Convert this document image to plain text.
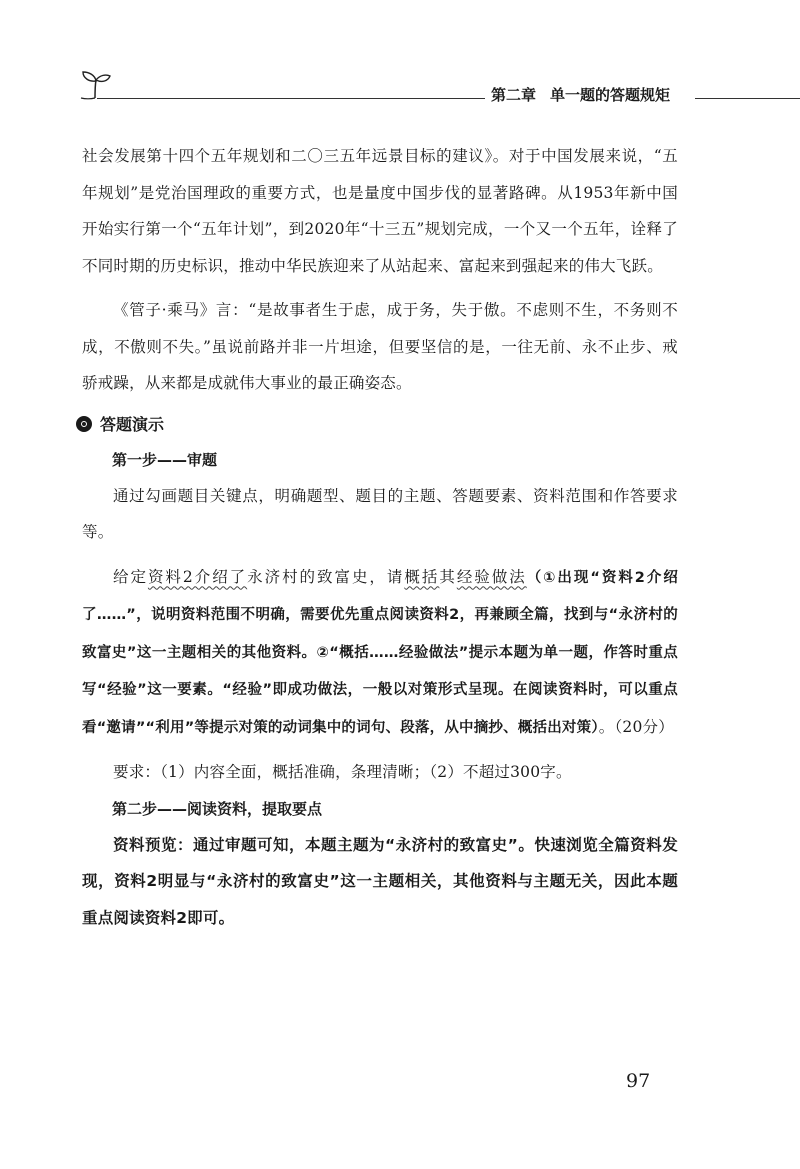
第二章 单一题的答题规矩

社会发展第十四个五年规划和二〇三五年远景目标的建议》。对于中国发展来说，“五年规划”是党治国理政的重要方式，也是量度中国步伐的显著路碑。从1953年新中国开始实行第一个“五年计划”，到2020年“十三五”规划完成，一个又一个五年，诠释了不同时期的历史标识，推动中华民族迎来了从站起来、富起来到强起来的伟大飞跃。

《管子·乘马》言：“是故事者生于虑，成于务，失于傲。不虑则不生，不务则不成，不傲则不失。”虽说前路并非一片坦途，但要坚信的是，一往无前、永不止步、戒骄戒躁，从来都是成就伟大事业的最正确姿态。

答题演示

第一步——审题

通过勾画题目关键点，明确题型、题目的主题、答题要素、资料范围和作答要求等。

给定资料2介绍了永济村的致富史，请概括其经验做法（①出现“资料2介绍了……”，说明资料范围不明确，需要优先重点阅读资料2，再兼顾全篇，找到与“永济村的致富史”这一主题相关的其他资料。②“概括……经验做法”提示本题为单一题，作答时重点写“经验”这一要素。“经验”即成功做法，一般以对策形式呈现。在阅读资料时，可以重点看“邀请”“利用”等提示对策的动词集中的词句、段落，从中摘抄、概括出对策）。（20分）

要求：（1）内容全面，概括准确，条理清晰；（2）不超过300字。

第二步——阅读资料，提取要点

资料预览：通过审题可知，本题主题为“永济村的致富史”。快速浏览全篇资料发现，资料2明显与“永济村的致富史”这一主题相关，其他资料与主题无关，因此本题重点阅读资料2即可。

97
